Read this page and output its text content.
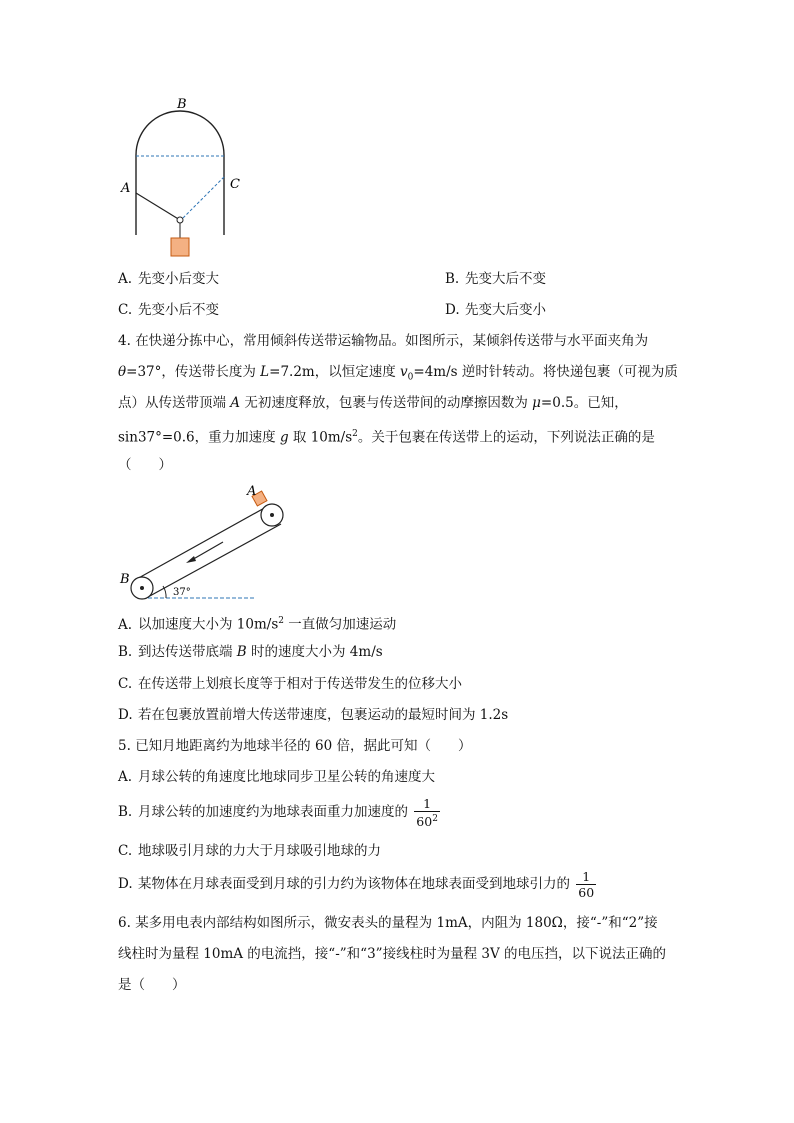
B
A	C
A. 先变小后变大	B. 先变大后不变
C. 先变小后不变	D. 先变大后变小
4. 在快递分拣中心，常用倾斜传送带运输物品。如图所示，某倾斜传送带与水平面夹角为
θ=37°，传送带长度为 L=7.2m，以恒定速度 $v_0=4m/s$ 逆时针转动。将快递包裹（可视为质
点）从传送带顶端 A 无初速度释放，包裹与传送带间的动摩擦因数为 μ=0.5。已知，
sin37°=0.6，重力加速度 g 取 $10m/s^2$。关于包裹在传送带上的运动，下列说法正确的是
（　　）
37°
A
B
A. 以加速度大小为 $10m/s^2$ 一直做匀加速运动
B. 到达传送带底端 B 时的速度大小为 4m/s
C. 在传送带上划痕长度等于相对于传送带发生的位移大小
D. 若在包裹放置前增大传送带速度，包裹运动的最短时间为 1.2s
5. 已知月地距离约为地球半径的 60 倍，据此可知（　　）
A. 月球公转的角速度比地球同步卫星公转的角速度大
B. 月球公转的加速度约为地球表面重力加速度的 $\frac{1}{60^2}$
C. 地球吸引月球的力大于月球吸引地球的力
D. 某物体在月球表面受到月球的引力约为该物体在地球表面受到地球引力的 $\frac{1}{60}$
6. 某多用电表内部结构如图所示，微安表头的量程为 1mA，内阻为 180Ω，接“-”和“2”接
线柱时为量程 10mA 的电流挡，接“-”和“3”接线柱时为量程 3V 的电压挡，以下说法正确的
是（　　）
